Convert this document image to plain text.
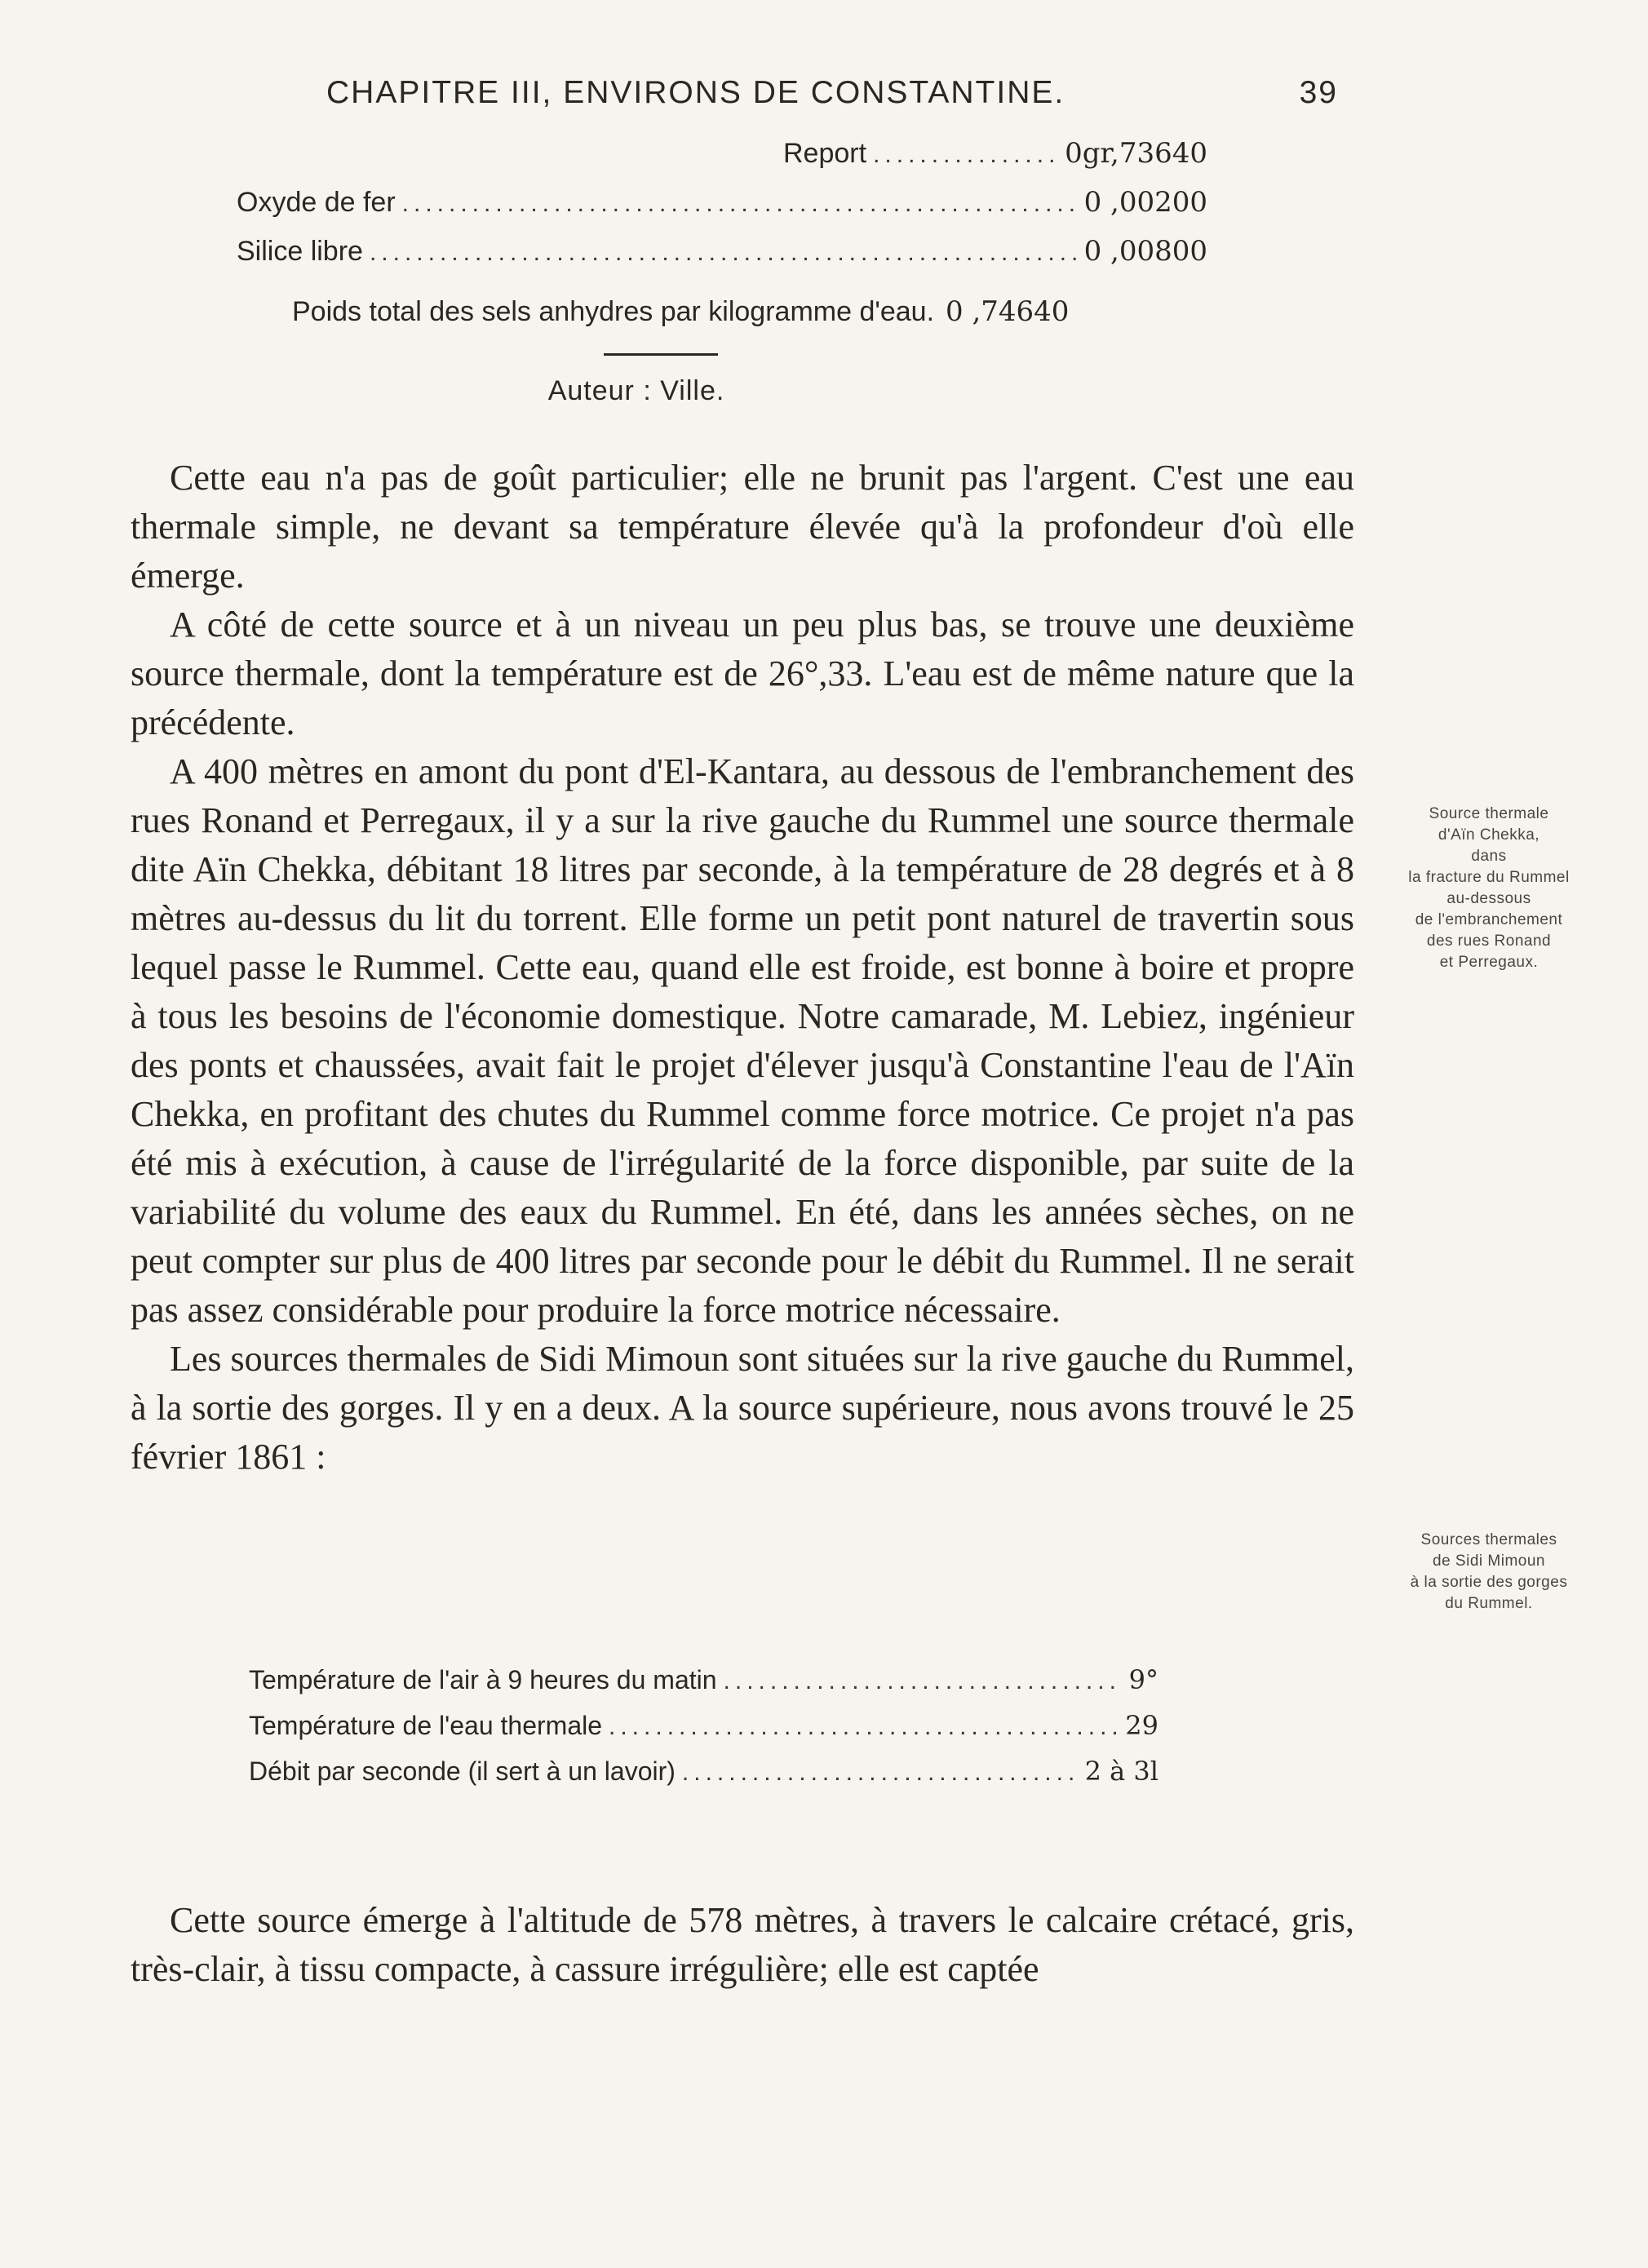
CHAPITRE III, ENVIRONS DE CONSTANTINE.	39
Report .....	0gr,73640
Oxyde de fer .....	0 ,00200
Silice libre .....	0 ,00800
Poids total des sels anhydres par kilogramme d'eau. 0 ,74640
Auteur : Ville.

Cette eau n'a pas de goût particulier; elle ne brunit pas l'argent. C'est une eau thermale simple, ne devant sa température élevée qu'à la profondeur d'où elle émerge.

A côté de cette source et à un niveau un peu plus bas, se trouve une deuxième source thermale, dont la température est de 26°,33. L'eau est de même nature que la précédente.

A 400 mètres en amont du pont d'El-Kantara, au dessous de l'embranchement des rues Ronand et Perregaux, il y a sur la rive gauche du Rummel une source thermale dite Aïn Chekka, débitant 18 litres par seconde, à la température de 28 degrés et à 8 mètres au-dessus du lit du torrent. Elle forme un petit pont naturel de travertin sous lequel passe le Rummel. Cette eau, quand elle est froide, est bonne à boire et propre à tous les besoins de l'économie domestique. Notre camarade, M. Lebiez, ingénieur des ponts et chaussées, avait fait le projet d'élever jusqu'à Constantine l'eau de l'Aïn Chekka, en profitant des chutes du Rummel comme force motrice. Ce projet n'a pas été mis à exécution, à cause de l'irrégularité de la force disponible, par suite de la variabilité du volume des eaux du Rummel. En été, dans les années sèches, on ne peut compter sur plus de 400 litres par seconde pour le débit du Rummel. Il ne serait pas assez considérable pour produire la force motrice nécessaire.

Les sources thermales de Sidi Mimoun sont situées sur la rive gauche du Rummel, à la sortie des gorges. Il y en a deux. A la source supérieure, nous avons trouvé le 25 février 1861 :

Source thermale
d'Aïn Chekka,
dans
la fracture du Rummel
au-dessous
de l'embranchement
des rues Ronand
et Perregaux.
Sources thermales
de Sidi Mimoun
à la sortie des gorges
du Rummel.
Température de l'air à 9 heures du matin .....	9°
Température de l'eau thermale .....	29
Débit par seconde (il sert à un lavoir) .....	2 à 3l

Cette source émerge à l'altitude de 578 mètres, à travers le calcaire crétacé, gris, très-clair, à tissu compacte, à cassure irrégulière; elle est captée
